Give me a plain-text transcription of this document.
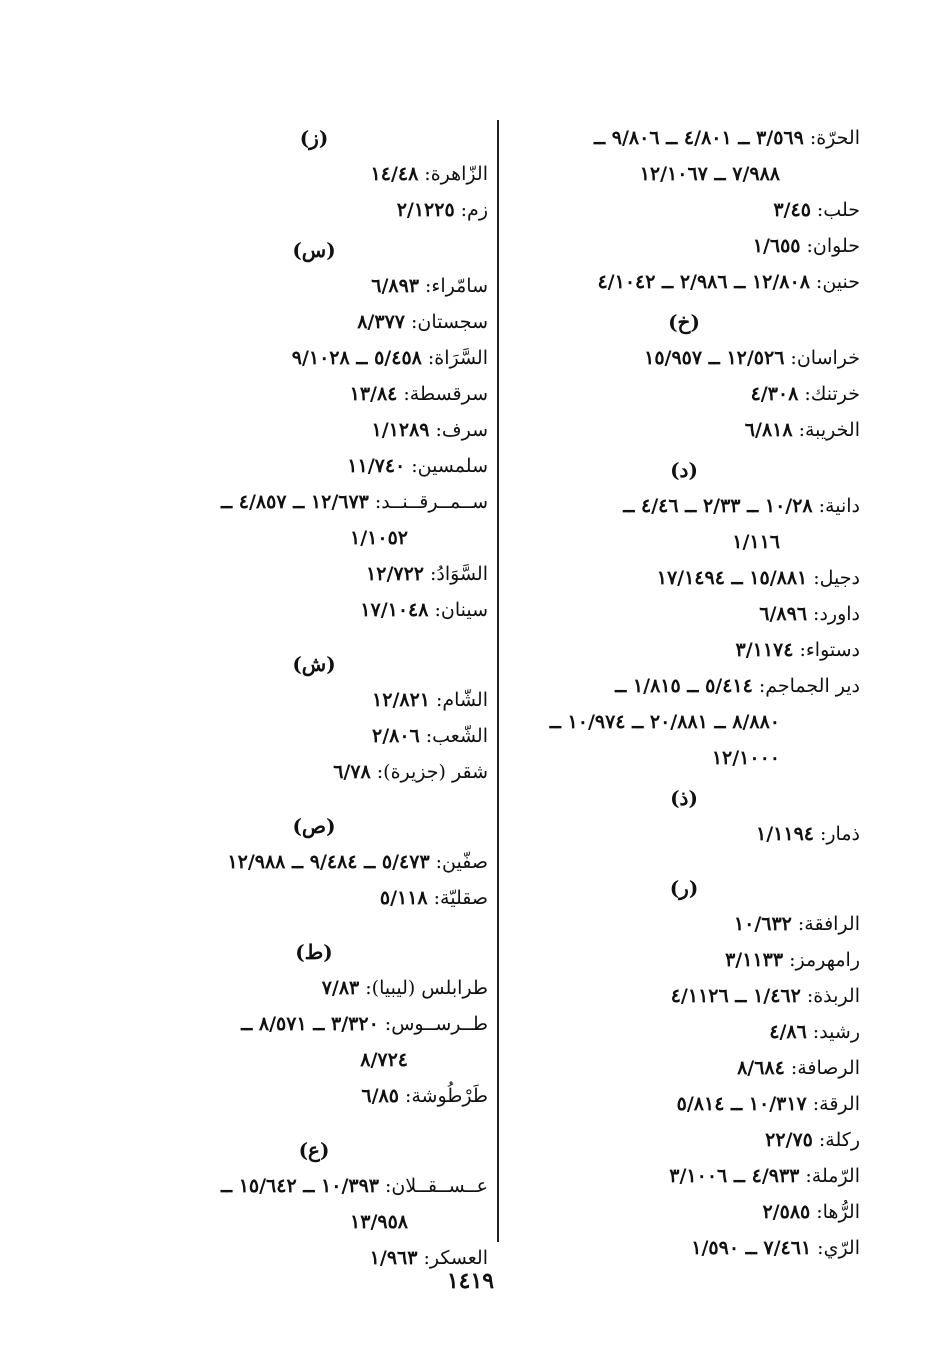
الحرّة:٣/٥٦٩ ــ ٤/٨٠١ ــ ٩/٨٠٦ ــ
٧/٩٨٨ ــ ١٢/١٠٦٧
حلب:٣/٤٥
حلوان:١/٦٥٥
حنين:١٢/٨٠٨ ــ ٢/٩٨٦ ــ ٤/١٠٤٢
(خ)
خراسان:١٢/٥٢٦ ــ ١٥/٩٥٧
خرتنك:٤/٣٠٨
الخريبة:٦/٨١٨
(د)
دانية:١٠/٢٨ ــ ٢/٣٣ ــ ٤/٤٦ ــ
١/١١٦
دجيل:١٥/٨٨١ ــ ١٧/١٤٩٤
داورد:٦/٨٩٦
دستواء:٣/١١٧٤
دير الجماجم:٥/٤١٤ ــ ١/٨١٥ ــ
٨/٨٨٠ ــ ٢٠/٨٨١ ــ ١٠/٩٧٤ ــ
١٢/١٠٠٠
(ذ)
ذمار:١/١١٩٤
(ر)
الرافقة:١٠/٦٣٢
رامهرمز:٣/١١٣٣
الربذة:١/٤٦٢ ــ ٤/١١٢٦
رشيد:٤/٨٦
الرصافة:٨/٦٨٤
الرقة:١٠/٣١٧ ــ ٥/٨١٤
ركلة:٢٢/٧٥
الرّملة:٤/٩٣٣ ــ ٣/١٠٠٦
الرُّها:٢/٥٨٥
الرّي:٧/٤٦١ ــ ١/٥٩٠
(ز)
الزّاهرة:١٤/٤٨
زم:٢/١٢٢٥
(س)
سامّراء:٦/٨٩٣
سجستان:٨/٣٧٧
السَّرَاة:٥/٤٥٨ ــ ٩/١٠٢٨
سرقسطة:١٣/٨٤
سرف:١/١٢٨٩
سلمسين:١١/٧٤٠
ســمــرقــنــد:١٢/٦٧٣ ــ ٤/٨٥٧ ــ
١/١٠٥٢
السَّوَادُ:١٢/٧٢٢
سينان:١٧/١٠٤٨
(ش)
الشّام:١٢/٨٢١
الشّعب:٢/٨٠٦
شقر (جزيرة):٦/٧٨
(ص)
صفّين:٥/٤٧٣ ــ ٩/٤٨٤ ــ ١٢/٩٨٨
صقليّة:٥/١١٨
(ط)
طرابلس (ليبيا):٧/٨٣
طــرســوس:٣/٣٢٠ ــ ٨/٥٧١ ــ
٨/٧٢٤
طَرْطُوشة:٦/٨٥
(ع)
عــســقــلان:١٠/٣٩٣ ــ ١٥/٦٤٢ ــ
١٣/٩٥٨
العسكر:١/٩٦٣
١٤١٩
